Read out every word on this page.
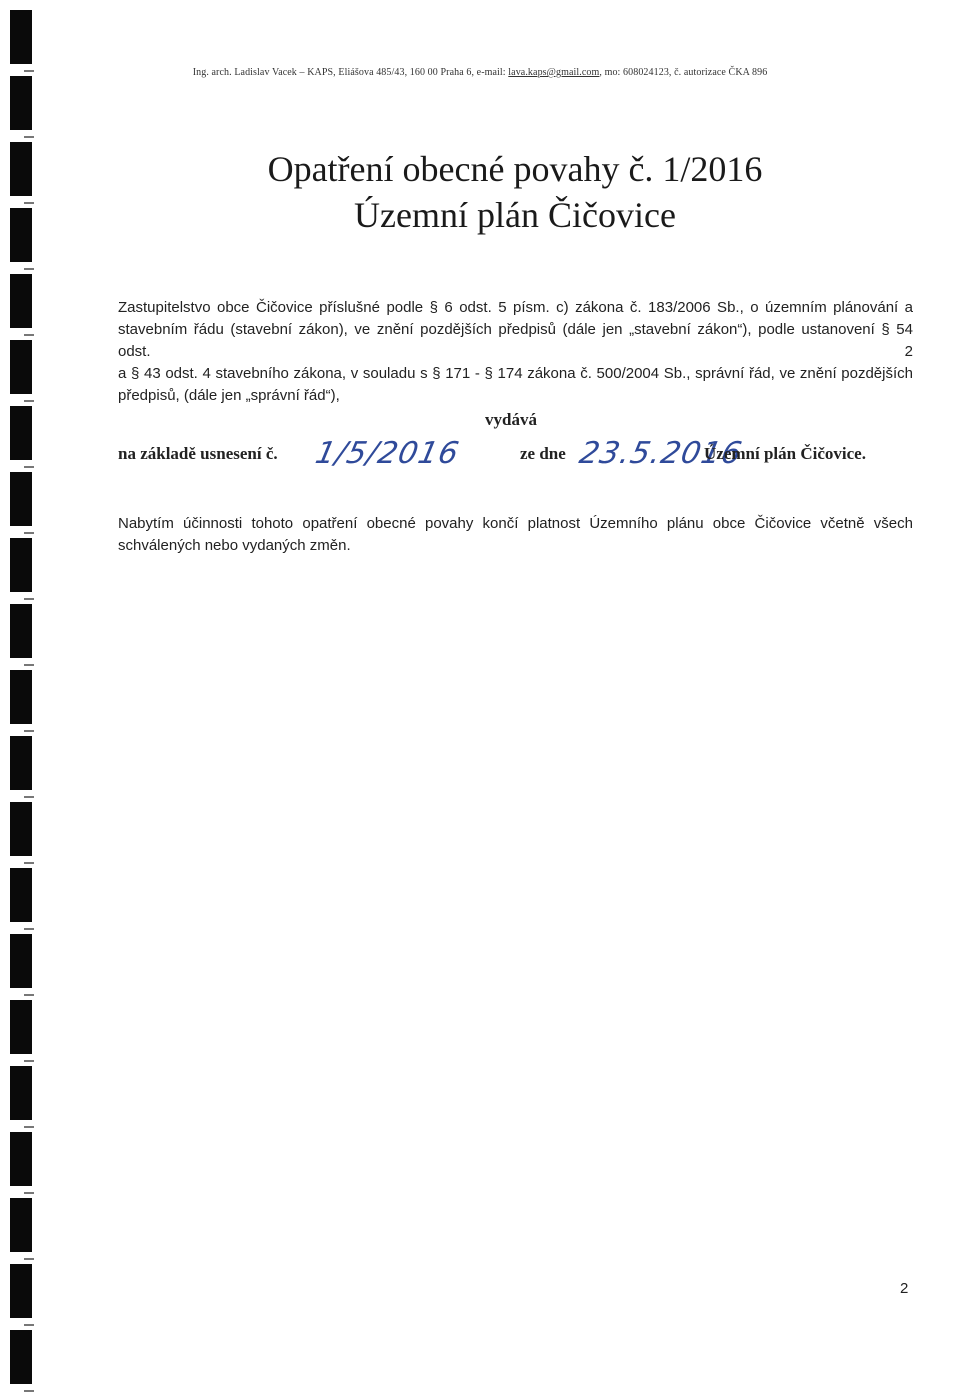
Ing. arch. Ladislav Vacek – KAPS, Eliášova 485/43, 160 00 Praha 6, e-mail: lava.kaps@gmail.com, mo: 608024123, č. autorizace ČKA 896
Opatření obecné povahy č. 1/2016
Územní plán Čičovice
Zastupitelstvo obce Čičovice příslušné podle § 6 odst. 5 písm. c) zákona č. 183/2006 Sb., o územním plánování a
stavebním řádu (stavební zákon), ve znění pozdějších předpisů (dále jen „stavební zákon“), podle ustanovení § 54 odst. 2
a § 43 odst. 4 stavebního zákona, v souladu s § 171 - § 174 zákona č. 500/2004 Sb., správní řád, ve znění pozdějších
předpisů, (dále jen „správní řád“),
vydává
na základě usnesení č. 1/5/2016	ze dne 23.5.2016
Územní plán Čičovice.
Nabytím účinnosti tohoto opatření obecné povahy končí platnost Územního plánu obce Čičovice včetně všech schválených nebo vydaných změn.
2
